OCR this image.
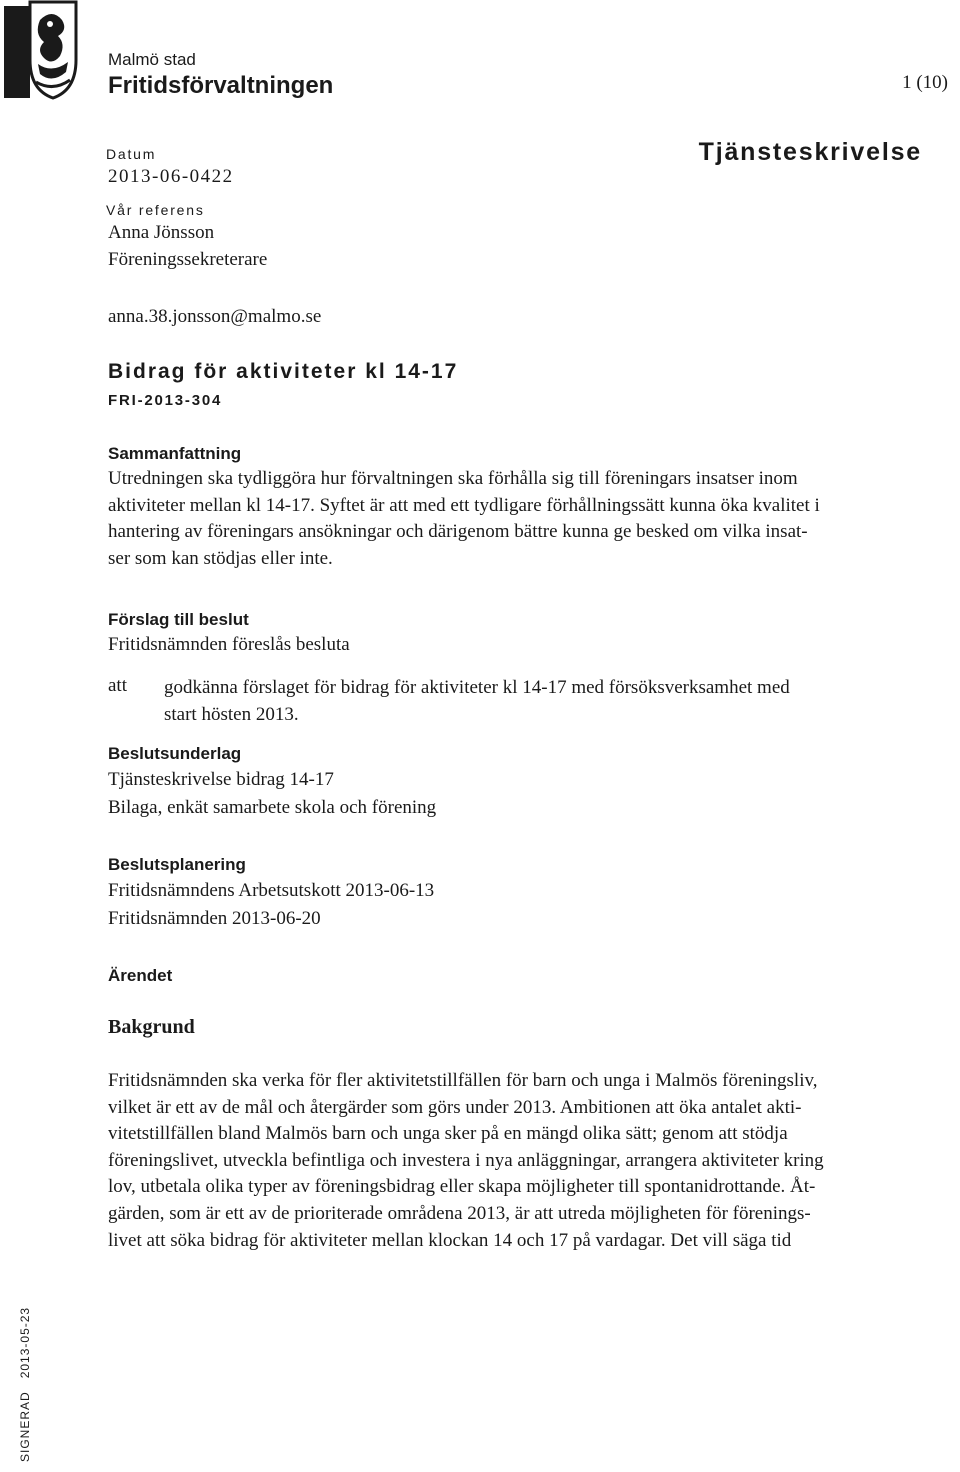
Malmö stad
Fritidsförvaltningen	1 (10)
Datum
2013-06-0422
Vår referens
Anna Jönsson
Föreningssekreterare
anna.38.jonsson@malmo.se
Tjänsteskrivelse
Bidrag för aktiviteter kl 14-17
FRI-2013-304
Sammanfattning
Utredningen ska tydliggöra hur förvaltningen ska förhålla sig till föreningars insatser inom
aktiviteter mellan kl 14-17. Syftet är att med ett tydligare förhållningssätt kunna öka kvalitet i
hantering av föreningars ansökningar och därigenom bättre kunna ge besked om vilka insat-
ser som kan stödjas eller inte.
Förslag till beslut
Fritidsnämnden föreslås besluta
att godkänna förslaget för bidrag för aktiviteter kl 14-17 med försöksverksamhet med
start hösten 2013.
Beslutsunderlag
Tjänsteskrivelse bidrag 14-17
Bilaga, enkät samarbete skola och förening
Beslutsplanering
Fritidsnämndens Arbetsutskott 2013-06-13
Fritidsnämnden 2013-06-20
Ärendet
Bakgrund
Fritidsnämnden ska verka för fler aktivitetstillfällen för barn och unga i Malmös föreningsliv,
vilket är ett av de mål och återgärder som görs under 2013. Ambitionen att öka antalet akti-
vitetstillfällen bland Malmös barn och unga sker på en mängd olika sätt; genom att stödja
föreningslivet, utveckla befintliga och investera i nya anläggningar, arrangera aktiviteter kring
lov, utbetala olika typer av föreningsbidrag eller skapa möjligheter till spontanidrottande. Åt-
gärden, som är ett av de prioriterade områdena 2013, är att utreda möjligheten för förenings-
livet att söka bidrag för aktiviteter mellan klockan 14 och 17 på vardagar. Det vill säga tid
SIGNERAD   2013-05-23
